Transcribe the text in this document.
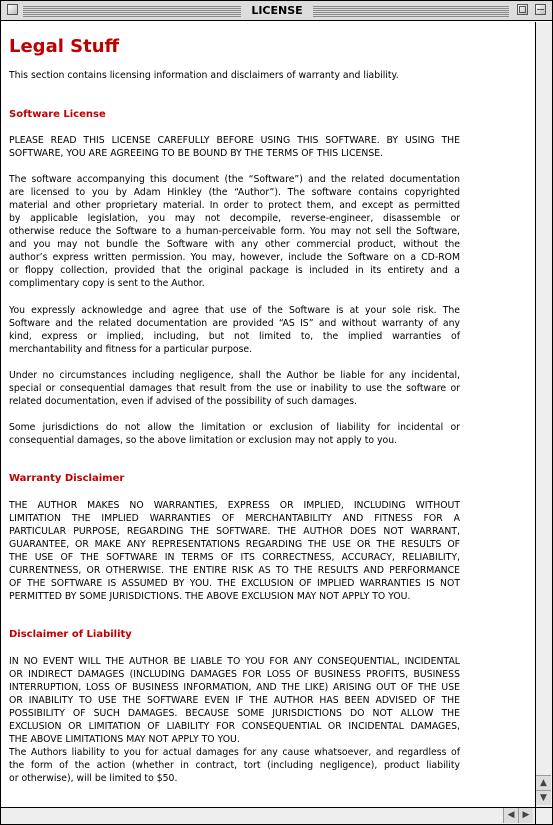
LICENSE
Legal Stuff

This section contains licensing information and disclaimers of warranty and liability.

Software License

PLEASE READ THIS LICENSE CAREFULLY BEFORE USING THIS SOFTWARE. BY USING THE
SOFTWARE, YOU ARE AGREEING TO BE BOUND BY THE TERMS OF THIS LICENSE.

The software accompanying this document (the “Software”) and the related documentation
are licensed to you by Adam Hinkley (the “Author”). The software contains copyrighted
material and other proprietary material. In order to protect them, and except as permitted
by applicable legislation, you may not decompile, reverse-engineer, disassemble or
otherwise reduce the Software to a human-perceivable form. You may not sell the Software,
and you may not bundle the Software with any other commercial product, without the
author’s express written permission. You may, however, include the Software on a CD-ROM
or floppy collection, provided that the original package is included in its entirety and a
complimentary copy is sent to the Author.

You expressly acknowledge and agree that use of the Software is at your sole risk. The
Software and the related documentation are provided “AS IS” and without warranty of any
kind, express or implied, including, but not limited to, the implied warranties of
merchantability and fitness for a particular purpose.

Under no circumstances including negligence, shall the Author be liable for any incidental,
special or consequential damages that result from the use or inability to use the software or
related documentation, even if advised of the possibility of such damages.

Some jurisdictions do not allow the limitation or exclusion of liability for incidental or
consequential damages, so the above limitation or exclusion may not apply to you.

Warranty Disclaimer

THE AUTHOR MAKES NO WARRANTIES, EXPRESS OR IMPLIED, INCLUDING WITHOUT
LIMITATION THE IMPLIED WARRANTIES OF MERCHANTABILITY AND FITNESS FOR A
PARTICULAR PURPOSE, REGARDING THE SOFTWARE. THE AUTHOR DOES NOT WARRANT,
GUARANTEE, OR MAKE ANY REPRESENTATIONS REGARDING THE USE OR THE RESULTS OF
THE USE OF THE SOFTWARE IN TERMS OF ITS CORRECTNESS, ACCURACY, RELIABILITY,
CURRENTNESS, OR OTHERWISE. THE ENTIRE RISK AS TO THE RESULTS AND PERFORMANCE
OF THE SOFTWARE IS ASSUMED BY YOU. THE EXCLUSION OF IMPLIED WARRANTIES IS NOT
PERMITTED BY SOME JURISDICTIONS. THE ABOVE EXCLUSION MAY NOT APPLY TO YOU.

Disclaimer of Liability

IN NO EVENT WILL THE AUTHOR BE LIABLE TO YOU FOR ANY CONSEQUENTIAL, INCIDENTAL
OR INDIRECT DAMAGES (INCLUDING DAMAGES FOR LOSS OF BUSINESS PROFITS, BUSINESS
INTERRUPTION, LOSS OF BUSINESS INFORMATION, AND THE LIKE) ARISING OUT OF THE USE
OR INABILITY TO USE THE SOFTWARE EVEN IF THE AUTHOR HAS BEEN ADVISED OF THE
POSSIBILITY OF SUCH DAMAGES. BECAUSE SOME JURISDICTIONS DO NOT ALLOW THE
EXCLUSION OR LIMITATION OF LIABILITY FOR CONSEQUENTIAL OR INCIDENTAL DAMAGES,
THE ABOVE LIMITATIONS MAY NOT APPLY TO YOU.
The Authors liability to you for actual damages for any cause whatsoever, and regardless of
the form of the action (whether in contract, tort (including negligence), product liability
or otherwise), will be limited to $50.	▲
▼
◀ ▶
